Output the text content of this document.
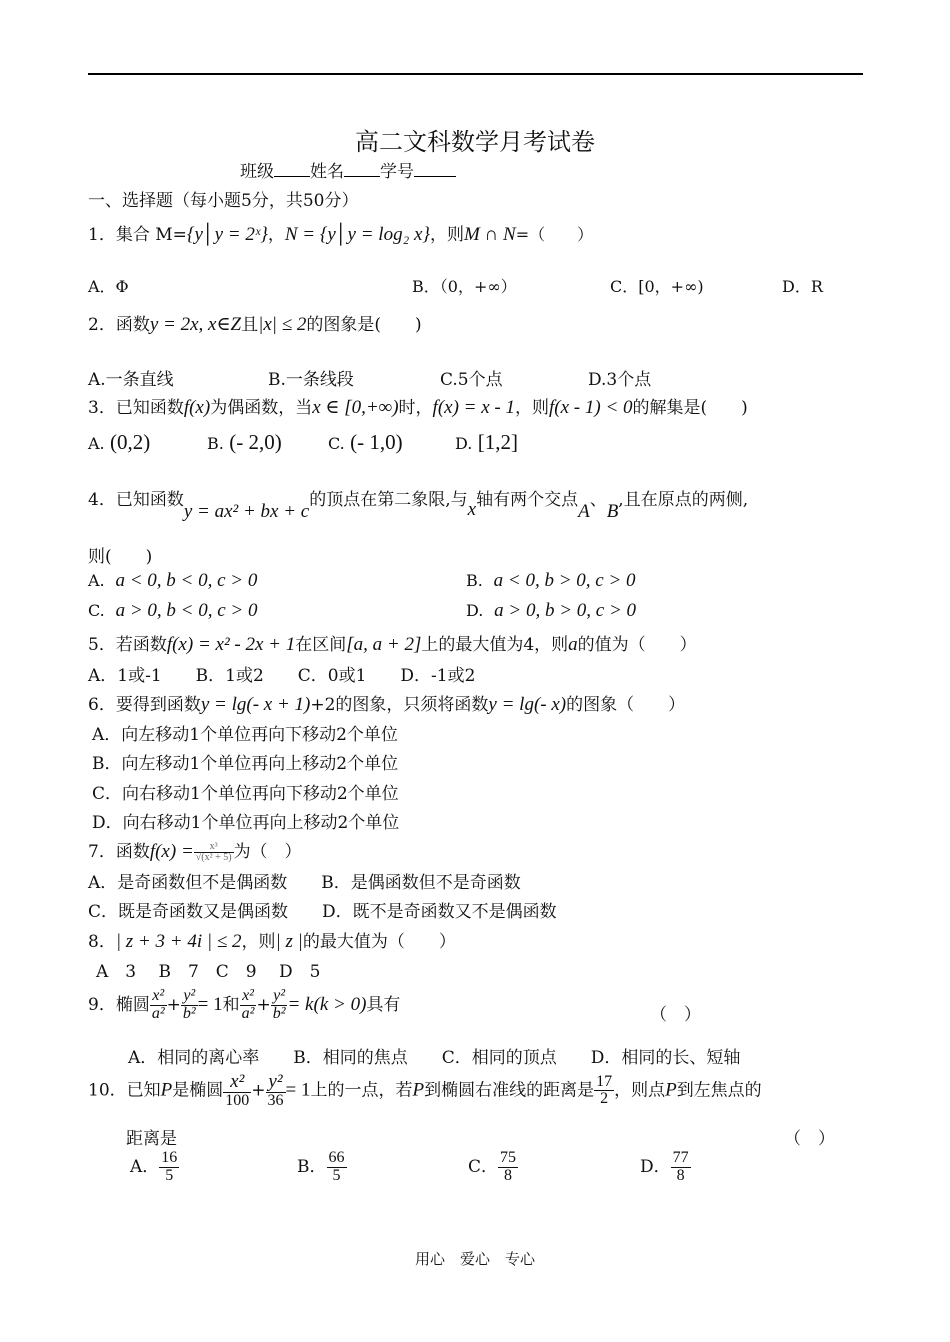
高二文科数学月考试卷
班级 姓名 学号
一、选择题（每小题5分，共50分）
1．集合 M={y│y = 2ˣ}，N = {y│y = log₂ x}，则M ∩ N=（　　）
A．Φ	B．（0，+∞）	C．[0，+∞)	D．R
2．函数y = 2x, x∈Z且|x| ≤ 2的图象是(　　)
A.一条直线	B.一条线段	C.5个点	D.3个点
3．已知函数f(x)为偶函数，当x ∈ [0,+∞)时，f(x) = x - 1，则f(x - 1) < 0的解集是(　　)
A. (0,2)	B. (- 2,0)	C. (- 1,0)	D. [1,2]
4．已知函数y = ax² + bx + c的顶点在第二象限,与x轴有两个交点A、B,且在原点的两侧,
则(　　)
A. a < 0, b < 0, c > 0	B. a < 0, b > 0, c > 0
C. a > 0, b < 0, c > 0	D. a > 0, b > 0, c > 0
5．若函数f(x) = x² - 2x + 1在区间[a, a + 2]上的最大值为4，则a的值为（　　）
A．1或-1　　B．1或2　　C．0或1　　D．-1或2
6．要得到函数y = lg(- x + 1)+2的图象，只须将函数y = lg(- x)的图象（　　）
A．向左移动1个单位再向下移动2个单位
B．向左移动1个单位再向上移动2个单位
C．向右移动1个单位再向下移动2个单位
D．向右移动1个单位再向上移动2个单位
7．函数$f(x) = \frac{\text{x³}}{\text{√(x² + 5)}}$ 为（　）
A．是奇函数但不是偶函数　　B．是偶函数但不是奇函数
C．既是奇函数又是偶函数　　D．既不是奇函数又不是偶函数
8．| z + 3 + 4i | ≤ 2，则| z |的最大值为（　　）
A　3　 B　7　C　9　 D　5
9．椭圆 $\frac{\text{x²}}{\text{a²}} + \frac{\text{y²}}{\text{b²}} = 1$和 $\frac{\text{x²}}{\text{a²}} + \frac{\text{y²}}{\text{b²}} = k(k > 0)$具有
（　）
A．相同的离心率　　B．相同的焦点　　C．相同的顶点　　D．相同的长、短轴
10．已知P是椭圆 $\frac{\text{x²}}{100} + \frac{\text{y²}}{36} = 1$上的一点，若P到椭圆右准线的距离是 $\frac{17}{2}$ ，则点P到左焦点的
距离是	（　）
A． $\frac{16}{5}$	B． $\frac{66}{5}$	C． $\frac{75}{8}$	D． $\frac{77}{8}$
用心　爱心　专心
